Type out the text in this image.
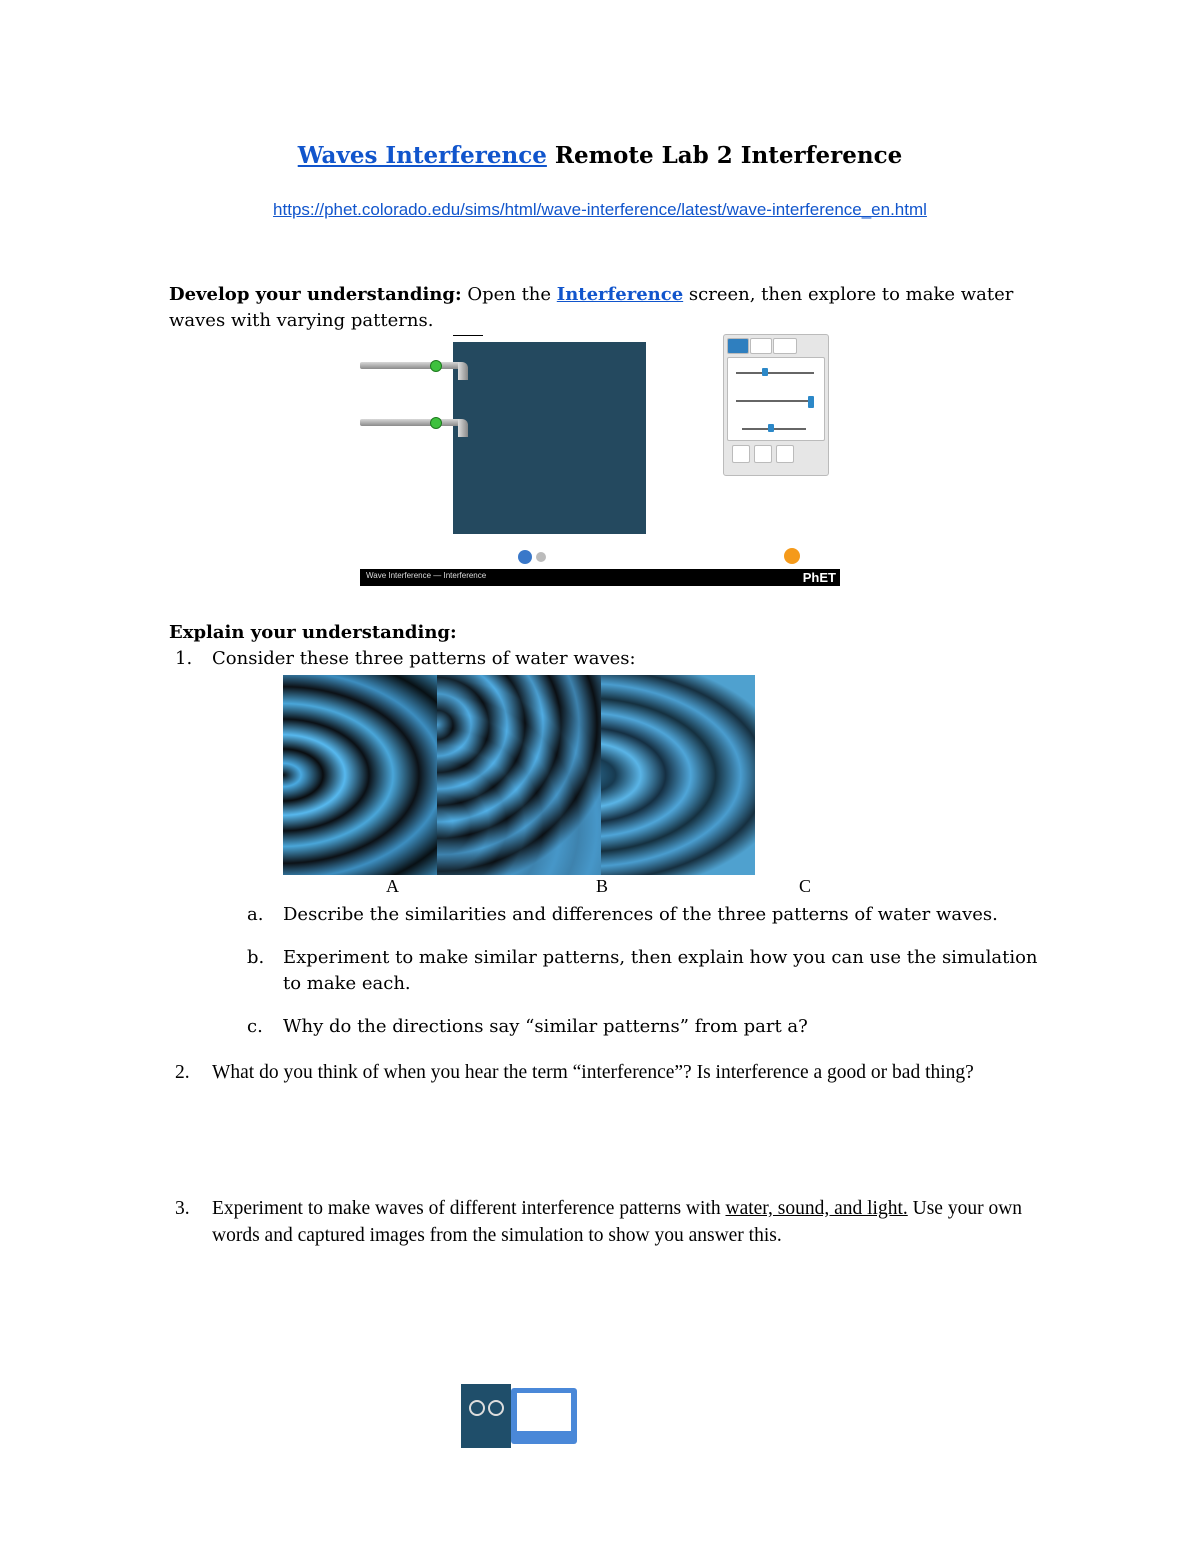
Waves Interference Remote Lab 2 Interference
https://phet.colorado.edu/sims/html/wave-interference/latest/wave-interference_en.html
Develop your understanding: Open the Interference screen, then explore to make water waves with varying patterns.
Wave Interference — Interference	PhET
Explain your understanding:
1. Consider these three patterns of water waves:
A	B	C
a. Describe the similarities and differences of the three patterns of water waves.
b. Experiment to make similar patterns, then explain how you can use the simulation to make each.
c. Why do the directions say “similar patterns” from part a?
2. What do you think of when you hear the term “interference”? Is interference a good or bad thing?
3. Experiment to make waves of different interference patterns with water, sound, and light. Use your own words and captured images from the simulation to show you answer this.
